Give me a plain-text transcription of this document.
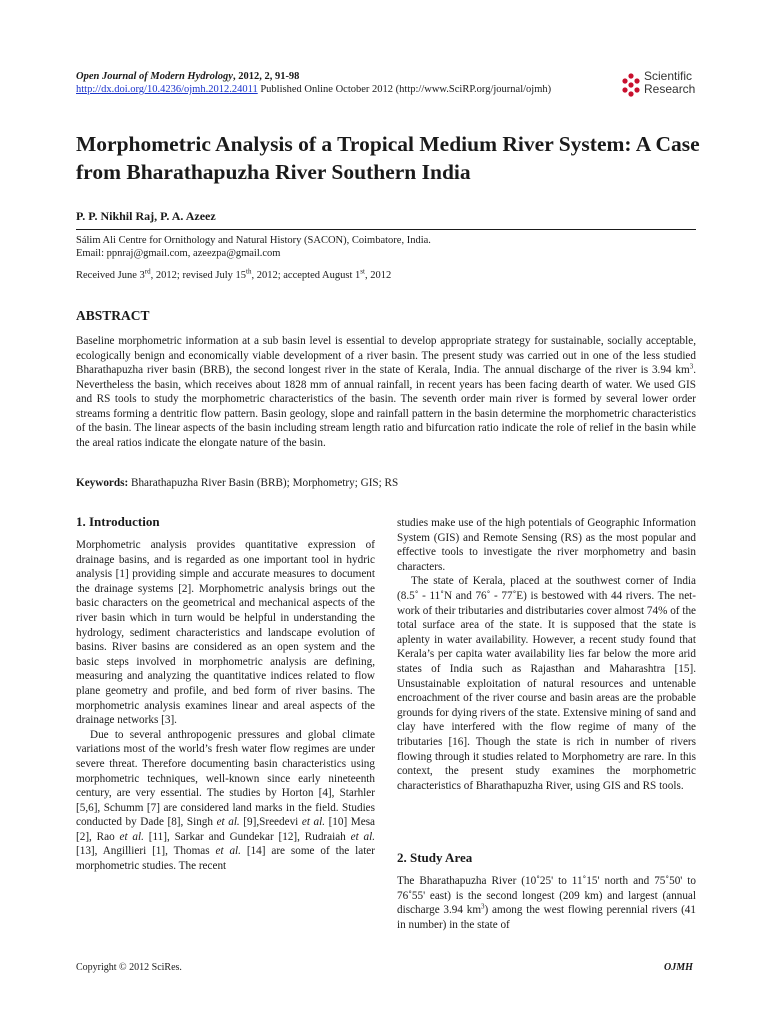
Open Journal of Modern Hydrology, 2012, 2, 91-98
http://dx.doi.org/10.4236/ojmh.2012.24011 Published Online October 2012 (http://www.SciRP.org/journal/ojmh)
Scientific
Research
Morphometric Analysis of a Tropical Medium River System: A Case from Bharathapuzha River Southern India
P. P. Nikhil Raj, P. A. Azeez
Sálim Ali Centre for Ornithology and Natural History (SACON), Coimbatore, India.
Email: ppnraj@gmail.com, azeezpa@gmail.com
Received June 3rd, 2012; revised July 15th, 2012; accepted August 1st, 2012
ABSTRACT
Baseline morphometric information at a sub basin level is essential to develop appropriate strategy for sustainable, socially acceptable, ecologically benign and economically viable development of a river basin. The present study was carried out in one of the less studied Bharathapuzha river basin (BRB), the second longest river in the state of Kerala, India. The annual discharge of the river is 3.94 $km^3$. Nevertheless the basin, which receives about 1828 mm of annual rainfall, in recent years has been facing dearth of water. We used GIS and RS tools to study the morphometric characteristics of the basin. The seventh order main river is formed by several lower order streams forming a dentritic flow pattern. Basin geology, slope and rainfall pattern in the basin determine the morphometric characteristics of the basin. The linear aspects of the basin including stream length ratio and bifurcation ratio indicate the role of relief in the basin while the areal ratios indicate the elongate nature of the basin.
Keywords: Bharathapuzha River Basin (BRB); Morphometry; GIS; RS
1. Introduction

Morphometric analysis provides quantitative expression of drainage basins, and is regarded as one important tool in hydric analysis [1] providing simple and accurate measures to document the drainage systems [2]. Morphometric analysis brings out the basic characters on the geometrical and mechanical aspects of the river basin which in turn would be helpful in understanding the hydrology, sediment characteristics and landscape evolution of basins. River basins are considered as an open system and the basic steps involved in morphometric analysis are defining, measuring and analyzing the quantitative indices related to flow plane geometry and profile, and bed form of river basins. The morphometric analysis examines linear and areal aspects of the drainage networks [3].

Due to several anthropogenic pressures and global climate variations most of the world’s fresh water flow regimes are under severe threat. Therefore documenting basin characteristics using morphometric techniques, well-known since early nineteenth century, are very essential. The studies by Horton [4], Starhler [5,6], Schumm [7] are considered land marks in the field. Studies conducted by Dade [8], Singh et al. [9],Sreedevi et al. [10] Mesa [2], Rao et al. [11], Sarkar and Gundekar [12], Rudraiah et al. [13], Angillieri [1], Thomas et al. [14] are some of the later morphometric studies. The recent

studies make use of the high potentials of Geographic Information System (GIS) and Remote Sensing (RS) as the most popular and effective tools to investigate the river morphometry and basin characters.

The state of Kerala, placed at the southwest corner of India (8.5˚ - 11˚N and 76˚ - 77˚E) is bestowed with 44 rivers. The net-work of their tributaries and distributaries cover almost 74% of the total surface area of the state. It is supposed that the state is aplenty in water availability. However, a recent study found that Kerala’s per capita water availability lies far below the more arid states of India such as Rajasthan and Maharashtra [15]. Unsustainable exploitation of natural resources and untenable encroachment of the river course and basin areas are the probable grounds for dying rivers of the state. Extensive mining of sand and clay have interfered with the flow regime of many of the tributaries [16]. Though the state is rich in number of rivers flowing through it studies related to Morphometry are rare. In this context, the present study examines the morphometric characteristics of Bharathapuzha River, using GIS and RS tools.

2. Study Area

The Bharathapuzha River (10˚25' to 11˚15' north and 75˚50' to 76˚55' east) is the second longest (209 km) and largest (annual discharge 3.94 $km^3$) among the west flowing perennial rivers (41 in number) in the state of

Copyright © 2012 SciRes.	OJMH
